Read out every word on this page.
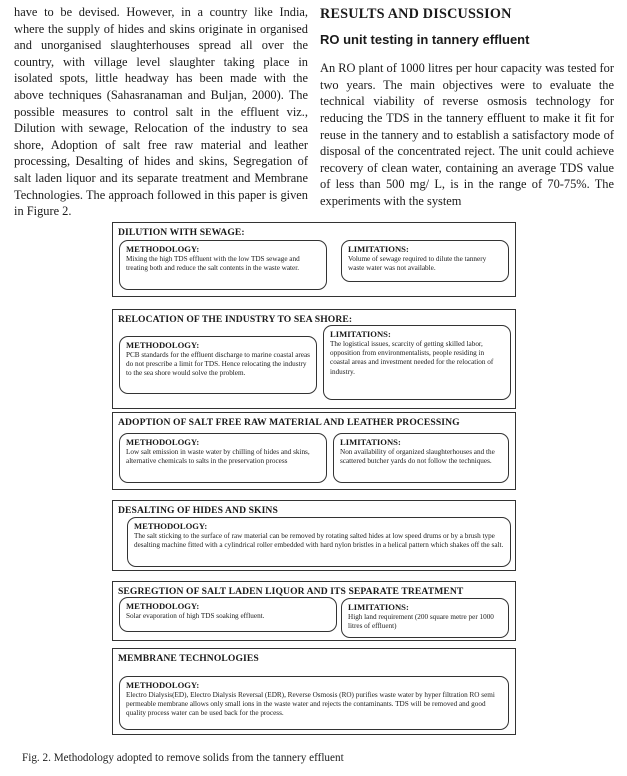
have to be devised. However, in a country like India, where the supply of hides and skins originate in organised and unorganised slaughterhouses spread all over the country, with village level slaughter taking place in isolated spots, little headway has been made with the above techniques (Sahasranaman and Buljan, 2000). The possible measures to control salt in the effluent viz., Dilution with sewage, Relocation of the industry to sea shore, Adoption of salt free raw material and leather processing, Desalting of hides and skins, Segregation of salt laden liquor and its separate treatment and Membrane Technologies. The approach followed in this paper is given in Figure 2.

RESULTS AND DISCUSSION
RO unit testing in tannery effluent

An RO plant of 1000 litres per hour capacity was tested for two years. The main objectives were to evaluate the technical viability of reverse osmosis technology for reducing the TDS in the tannery effluent to make it fit for reuse in the tannery and to establish a satisfactory mode of disposal of the concentrated reject. The unit could achieve recovery of clean water, containing an average TDS value of less than 500 mg/ L, is in the range of 70-75%. The experiments with the system

DILUTION WITH SEWAGE:
METHODOLOGY:
Mixing the high TDS effluent with the low TDS sewage and treating both and reduce the salt contents in the waste water.
LIMITATIONS:
Volume of sewage required to dilute the tannery waste water was not available.
RELOCATION OF THE INDUSTRY TO SEA SHORE:
METHODOLOGY:
PCB standards for the effluent discharge to marine coastal areas do not prescribe a limit for TDS. Hence relocating the industry to the sea shore would solve the problem.
LIMITATIONS:
The logistical issues, scarcity of getting skilled labor, opposition from environmentalists, people residing in coastal areas and investment needed for the relocation of industry.
ADOPTION OF SALT FREE RAW MATERIAL AND LEATHER PROCESSING
METHODOLOGY:
Low salt emission in waste water by chilling of hides and skins, alternative chemicals to salts in the preservation process
LIMITATIONS:
Non availability of organized slaughterhouses and the scattered butcher yards do not follow the techniques.
DESALTING OF HIDES AND SKINS
METHODOLOGY:
The salt sticking to the surface of raw material can be removed by rotating salted hides at low speed drums or by a brush type desalting machine fitted with a cylindrical roller embedded with hard nylon bristles in a helical pattern which shakes off the salt.
SEGREGTION OF SALT LADEN LIQUOR AND ITS SEPARATE TREATMENT
METHODOLOGY:
Solar evaporation of high TDS soaking effluent.
LIMITATIONS:
High land requirement (200 square metre per 1000 litres of effluent)
MEMBRANE TECHNOLOGIES
METHODOLOGY:
Electro Dialysis(ED), Electro Dialysis Reversal (EDR), Reverse Osmosis (RO) purifies waste water by hyper filtration RO semi permeable membrane allows only small ions in the waste water and rejects the contaminants. TDS will be removed and good quality process water can be used back for the process.
Fig. 2. Methodology adopted to remove solids from the tannery effluent
